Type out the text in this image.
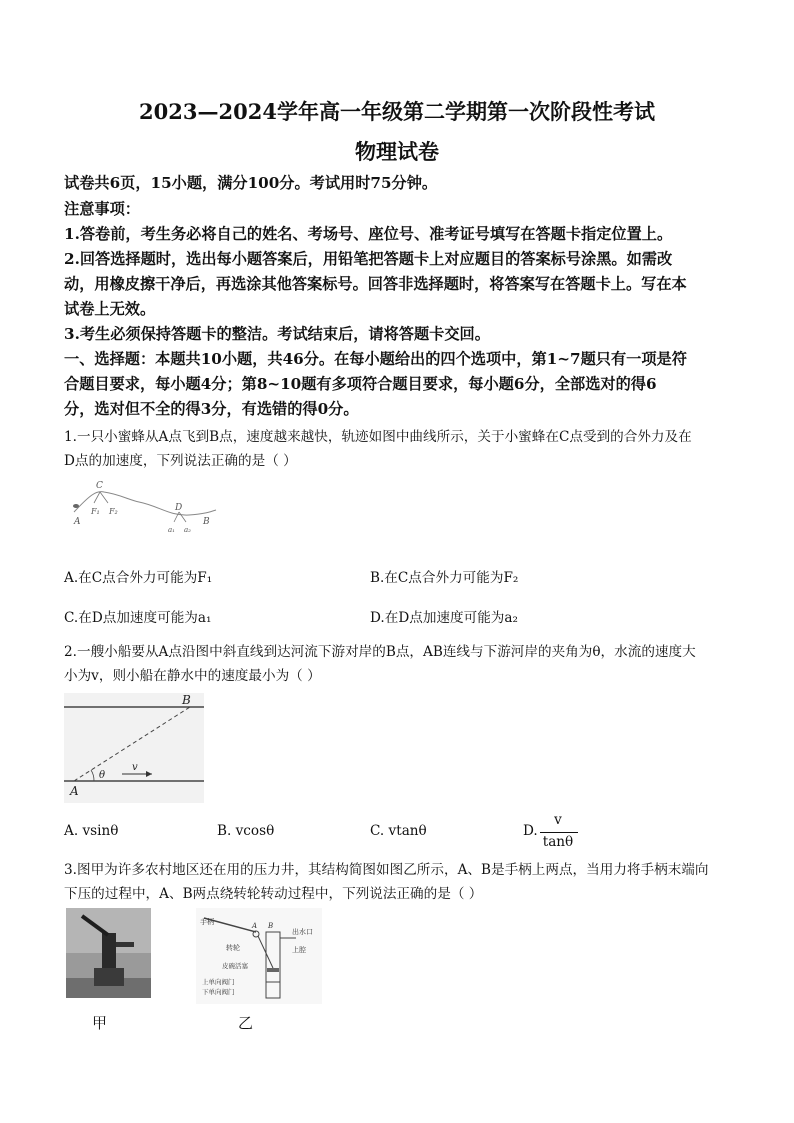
2023—2024学年高一年级第二学期第一次阶段性考试
物理试卷
试卷共6页，15小题，满分100分。考试用时75分钟。
注意事项：
1.答卷前，考生务必将自己的姓名、考场号、座位号、准考证号填写在答题卡指定位置上。
2.回答选择题时，选出每小题答案后，用铅笔把答题卡上对应题目的答案标号涂黑。如需改
动，用橡皮擦干净后，再选涂其他答案标号。回答非选择题时，将答案写在答题卡上。写在本
试卷上无效。
3.考生必须保持答题卡的整洁。考试结束后，请将答题卡交回。
一、选择题：本题共10小题，共46分。在每小题给出的四个选项中，第1~7题只有一项是符
合题目要求，每小题4分；第8~10题有多项符合题目要求，每小题6分，全部选对的得6
分，选对但不全的得3分，有选错的得0分。
1.一只小蜜蜂从A点飞到B点，速度越来越快，轨迹如图中曲线所示，关于小蜜蜂在C点受到的合外力及在
D点的加速度，下列说法正确的是（ ）
A
C
F₁ F₂	D
a₁ a₂
B
A.在C点合外力可能为F₁	B.在C点合外力可能为F₂
C.在D点加速度可能为a₁	D.在D点加速度可能为a₂
2.一艘小船要从A点沿图中斜直线到达河流下游对岸的B点，AB连线与下游河岸的夹角为θ，水流的速度大
小为v，则小船在静水中的速度最小为（ ）
A
B
θ
v
A. vsinθ	B. vcosθ	C. vtanθ	D.
v
tanθ
3.图甲为许多农村地区还在用的压力井，其结构简图如图乙所示，A、B是手柄上两点，当用力将手柄末端向
下压的过程中，A、B两点绕转轮转动过程中，下列说法正确的是（ ）
手柄	A B
出水口
转轮	上腔
皮碗活塞
上单向阀门
下单向阀门
甲	乙
